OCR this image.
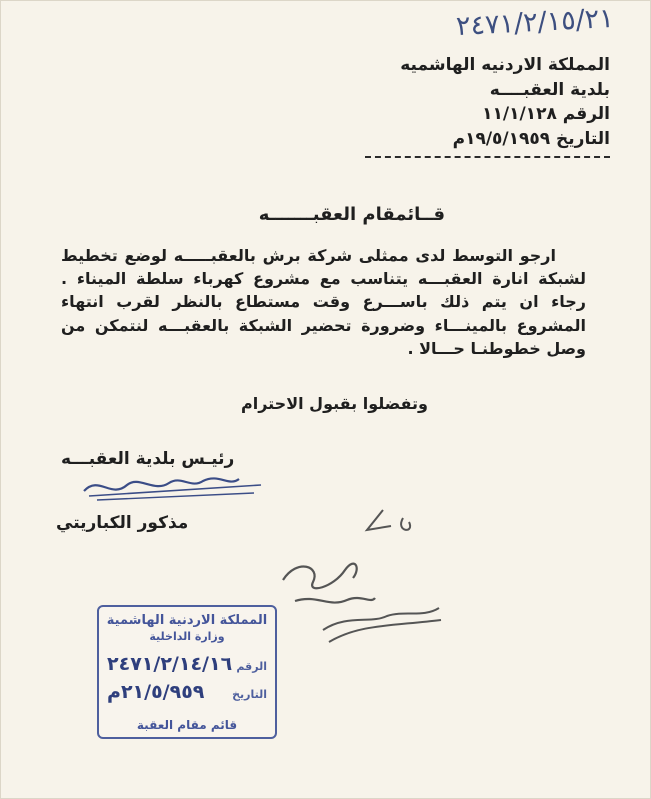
٢٤٧١/٢/١٥/٢١
المملكة الاردنيه الهاشميه
بلدية العقبــــه
الرقم ١١/١/١٢٨
التاريخ ١٩/٥/١٩٥٩م
قــائمقام العقبـــــــه

ارجو التوسط لدى ممثلى شركة برش بالعقبـــــه لوضع تخطيط لشبكة انارة العقبـــه يتناسب مع مشروع كهرباء سلطة الميناء . رجاء ان يتم ذلك باســـرع وقت مستطاع بالنظر لقرب انتهاء المشروع بالمينـــاء وضرورة تحضير الشبكة بالعقبـــه لنتمكن من وصل خطوطنـا حـــالا .

وتفضلوا بقبول الاحترام
رئيـس بلدية العقبـــه
مذكور الكباريتي
المملكة الاردنية الهاشمية
وزارة الداخلية
الرقم
٢٤٧١/٢/١٤/١٦
التاريخ
٢١/٥/٩٥٩م
قائم مقام العقبة
